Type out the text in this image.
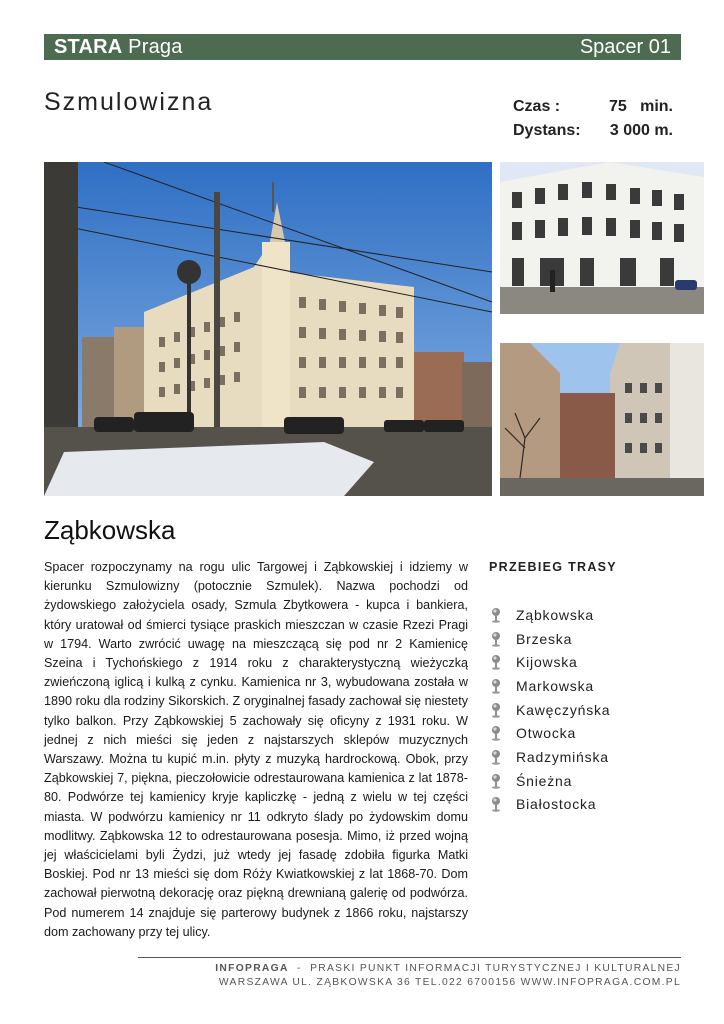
STARA Praga	Spacer 01
Szmulowizna	Czas :	75   min.
Dystans:	3 000 m.
Ząbkowska

Spacer rozpoczynamy na rogu ulic Targowej i Ząbkowskiej i idziemy w kierunku Szmulowizny (potocznie Szmulek). Nazwa pochodzi od żydowskiego założyciela osady, Szmula Zbytkowera - kupca i bankiera, który uratował od śmierci tysiące praskich mieszczan w czasie Rzezi Pragi w 1794. Warto zwrócić uwagę na mieszczącą się pod nr 2 Kamienicę Szeina i Tychońskiego z 1914 roku z charakterystyczną wieżyczką zwieńczoną iglicą i kulką z cynku. Kamienica nr 3, wybudowana została w 1890 roku dla rodziny Sikorskich. Z oryginalnej fasady zachował się niestety tylko balkon. Przy Ząbkowskiej 5 zachowały się oficyny z 1931 roku. W jednej z nich mieści się jeden z najstarszych sklepów muzycznych Warszawy. Można tu kupić m.in. płyty z muzyką hardrockową. Obok, przy Ząbkowskiej 7, piękna, pieczołowicie odrestaurowana kamienica z lat 1878-80. Podwórze tej kamienicy kryje kapliczkę - jedną z wielu w tej części miasta. W podwórzu kamienicy nr 11 odkryto ślady po żydowskim domu modlitwy. Ząbkowska 12 to odrestaurowana posesja. Mimo, iż przed wojną jej właścicielami byli Żydzi, już wtedy jej fasadę zdobiła figurka Matki Boskiej. Pod nr 13 mieści się dom Róży Kwiatkowskiej z lat 1868-70. Dom zachował pierwotną dekorację oraz piękną drewnianą galerię od podwórza. Pod numerem 14 znajduje się parterowy budynek z 1866 roku, najstarszy dom zachowany przy tej ulicy.

PRZEBIEG TRASY
Ząbkowska
Brzeska
Kijowska
Markowska
Kawęczyńska
Otwocka
Radzymińska
Śnieżna
Białostocka
INFOPRAGA  -  PRASKI PUNKT INFORMACJI TURYSTYCZNEJ I KULTURALNEJ
WARSZAWA UL. ZĄBKOWSKA 36 TEL.022 6700156 WWW.INFOPRAGA.COM.PL
